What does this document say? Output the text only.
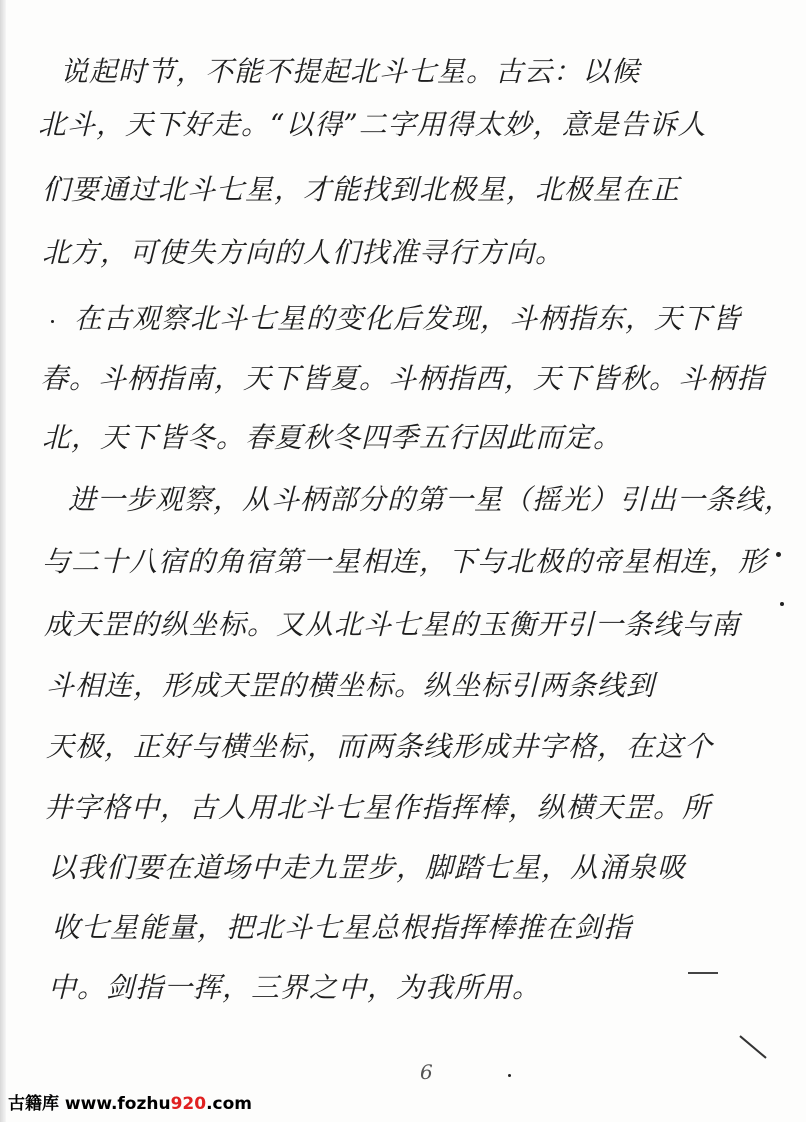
说起时节，不能不提起北斗七星。古云：以候
北斗，天下好走。“以得”二字用得太妙，意是告诉人
们要通过北斗七星，才能找到北极星，北极星在正
北方，可使失方向的人们找准寻行方向。
在古观察北斗七星的变化后发现，斗柄指东，天下皆
春。斗柄指南，天下皆夏。斗柄指西，天下皆秋。斗柄指
北，天下皆冬。春夏秋冬四季五行因此而定。
进一步观察，从斗柄部分的第一星（摇光）引出一条线，
与二十八宿的角宿第一星相连，下与北极的帝星相连，形
成天罡的纵坐标。又从北斗七星的玉衡开引一条线与南
斗相连，形成天罡的横坐标。纵坐标引两条线到
天极，正好与横坐标，而两条线形成井字格，在这个
井字格中，古人用北斗七星作指挥棒，纵横天罡。所
以我们要在道场中走九罡步，脚踏七星，从涌泉吸
收七星能量，把北斗七星总根指挥棒推在剑指
中。剑指一挥，三界之中，为我所用。
6
古籍库 www.fozhu920.com
